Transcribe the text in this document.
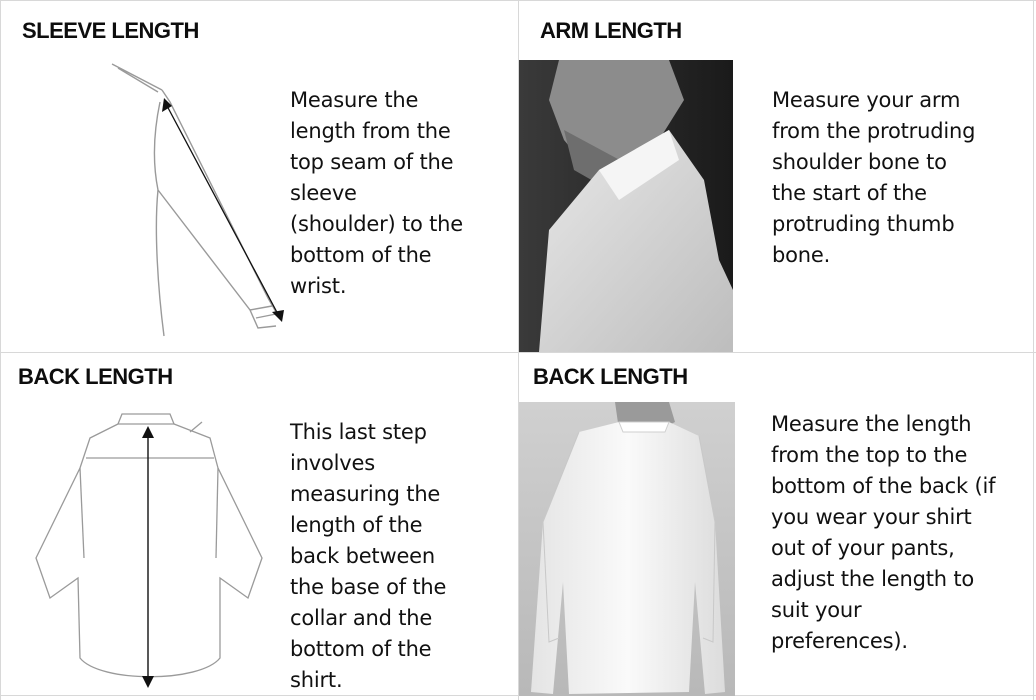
SLEEVE LENGTH
Measure the
length from the
top seam of the
sleeve
(shoulder) to the
bottom of the
wrist.
ARM LENGTH
Measure your arm
from the protruding
shoulder bone to
the start of the
protruding thumb
bone.
BACK LENGTH
This last step
involves
measuring the
length of the
back between
the base of the
collar and the
bottom of the
shirt.
BACK LENGTH
Measure the length
from the top to the
bottom of the back (if
you wear your shirt
out of your pants,
adjust the length to
suit your
preferences).
